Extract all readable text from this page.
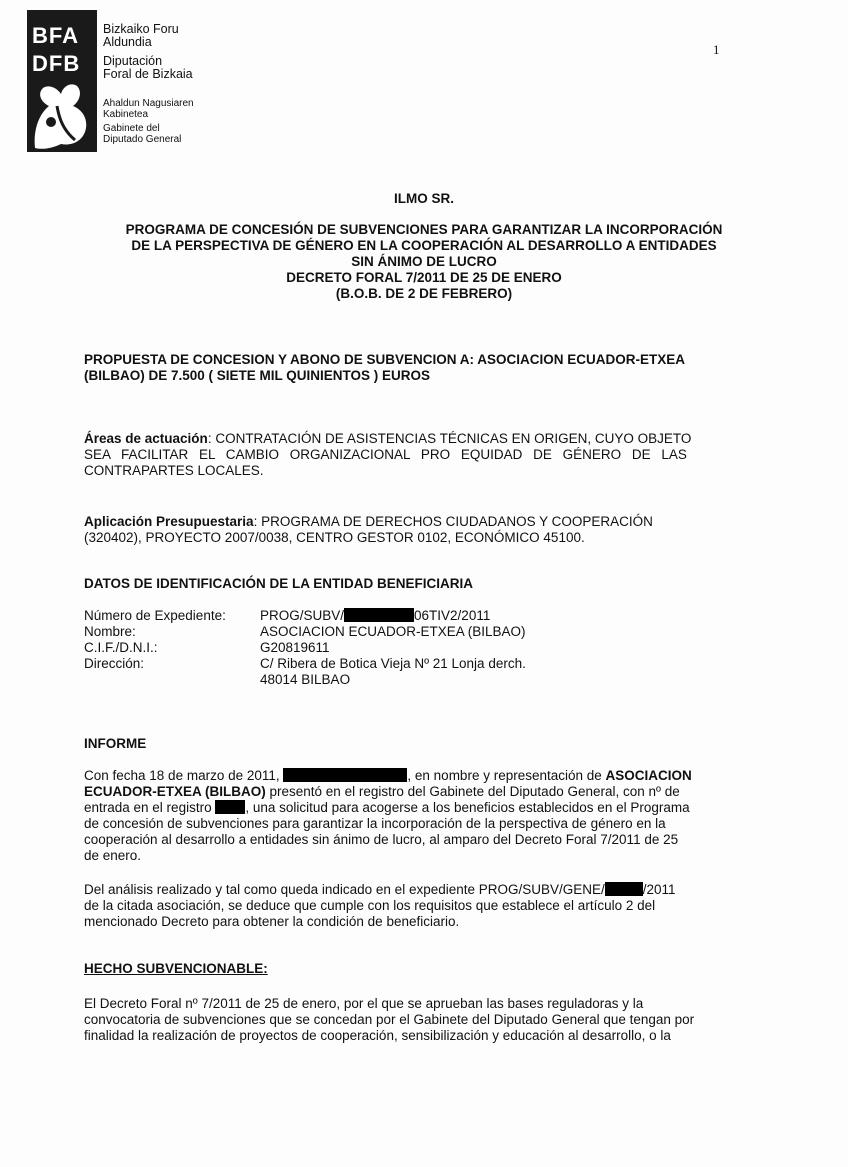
BFA
DFB
Bizkaiko Foru
Aldundia
Diputación
Foral de Bizkaia
Ahaldun Nagusiaren
Kabinetea
Gabinete del
Diputado General
1
ILMO SR.
PROGRAMA DE CONCESIÓN DE SUBVENCIONES PARA GARANTIZAR LA INCORPORACIÓN
DE LA PERSPECTIVA DE GÉNERO EN LA COOPERACIÓN AL DESARROLLO A ENTIDADES
SIN ÁNIMO DE LUCRO
DECRETO FORAL 7/2011 DE 25 DE ENERO
(B.O.B. DE 2 DE FEBRERO)
PROPUESTA DE CONCESION Y ABONO DE SUBVENCION A: ASOCIACION ECUADOR-ETXEA
(BILBAO) DE 7.500 ( SIETE MIL QUINIENTOS ) EUROS
Áreas de actuación: CONTRATACIÓN DE ASISTENCIAS TÉCNICAS EN ORIGEN, CUYO OBJETO
SEA FACILITAR EL CAMBIO ORGANIZACIONAL PRO EQUIDAD DE GÉNERO DE LAS
CONTRAPARTES LOCALES.
Aplicación Presupuestaria: PROGRAMA DE DERECHOS CIUDADANOS Y COOPERACIÓN
(320402), PROYECTO 2007/0038, CENTRO GESTOR 0102, ECONÓMICO 45100.
DATOS DE IDENTIFICACIÓN DE LA ENTIDAD BENEFICIARIA
Número de Expediente:	PROG/SUBV/	06TIV2/2011
Nombre:	ASOCIACION ECUADOR-ETXEA (BILBAO)
C.I.F./D.N.I.:	G20819611
Dirección:	C/ Ribera de Botica Vieja Nº 21 Lonja derch.
48014 BILBAO
INFORME
Con fecha 18 de marzo de 2011,	, en nombre y representación de ASOCIACION
ECUADOR-ETXEA (BILBAO) presentó en el registro del Gabinete del Diputado General, con nº de
entrada en el registro	, una solicitud para acogerse a los beneficios establecidos en el Programa
de concesión de subvenciones para garantizar la incorporación de la perspectiva de género en la
cooperación al desarrollo a entidades sin ánimo de lucro, al amparo del Decreto Foral 7/2011 de 25
de enero.
Del análisis realizado y tal como queda indicado en el expediente PROG/SUBV/GENE/	/2011
de la citada asociación, se deduce que cumple con los requisitos que establece el artículo 2 del
mencionado Decreto para obtener la condición de beneficiario.
HECHO SUBVENCIONABLE:
El Decreto Foral nº 7/2011 de 25 de enero, por el que se aprueban las bases reguladoras y la
convocatoria de subvenciones que se concedan por el Gabinete del Diputado General que tengan por
finalidad la realización de proyectos de cooperación, sensibilización y educación al desarrollo, o la
